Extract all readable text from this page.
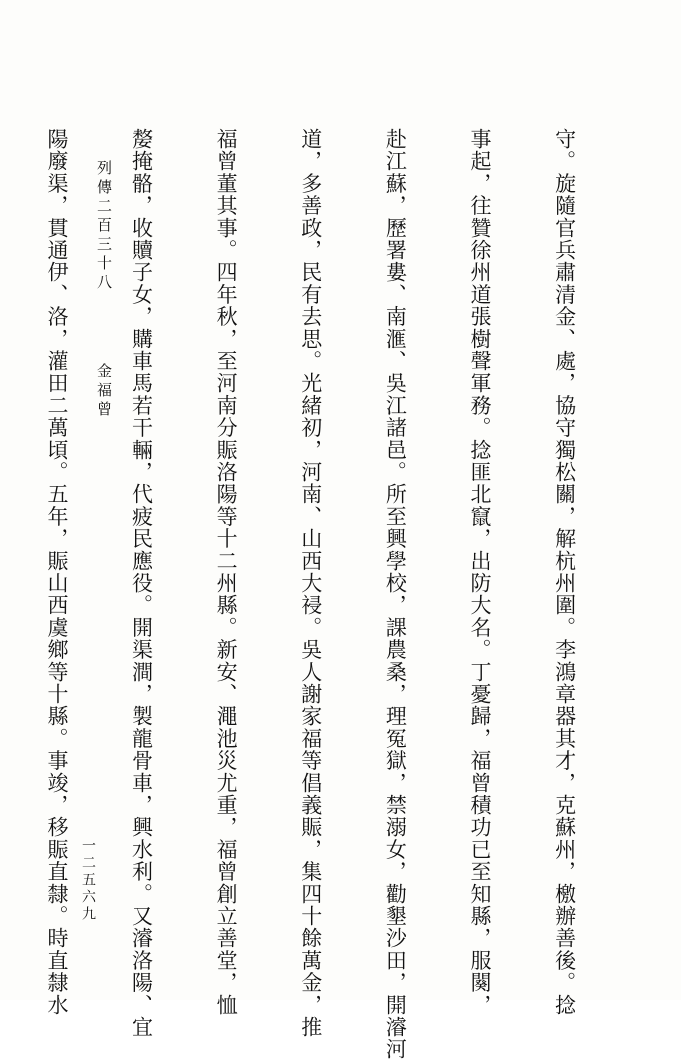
守。旋隨官兵肅清金、處，協守獨松關，解杭州圍。李鴻章器其才，克蘇州，檄辦善後。捻

事起，往贊徐州道張樹聲軍務。捻匪北竄，出防大名。丁憂歸，福曾積功已至知縣，服闋，

赴江蘇，歷署婁、南滙、吳江諸邑。所至興學校，課農桑，理冤獄，禁溺女，勸墾沙田，開濬河

道，多善政，民有去思。光緒初，河南、山西大祲。吳人謝家福等倡義賑，集四十餘萬金，推

福曾董其事。四年秋，至河南分賑洛陽等十二州縣。新安、澠池災尤重，福曾創立善堂，恤

嫠掩骼，收贖子女，購車馬若干輛，代疲民應役。開渠澗，製龍骨車，興水利。又濬洛陽、宜

陽廢渠，貫通伊、洛，灌田二萬頃。五年，賑山西虞鄉等十縣。事竣，移賑直隸。時直隸水

列傳二百三十八金福曾
一二五六九
